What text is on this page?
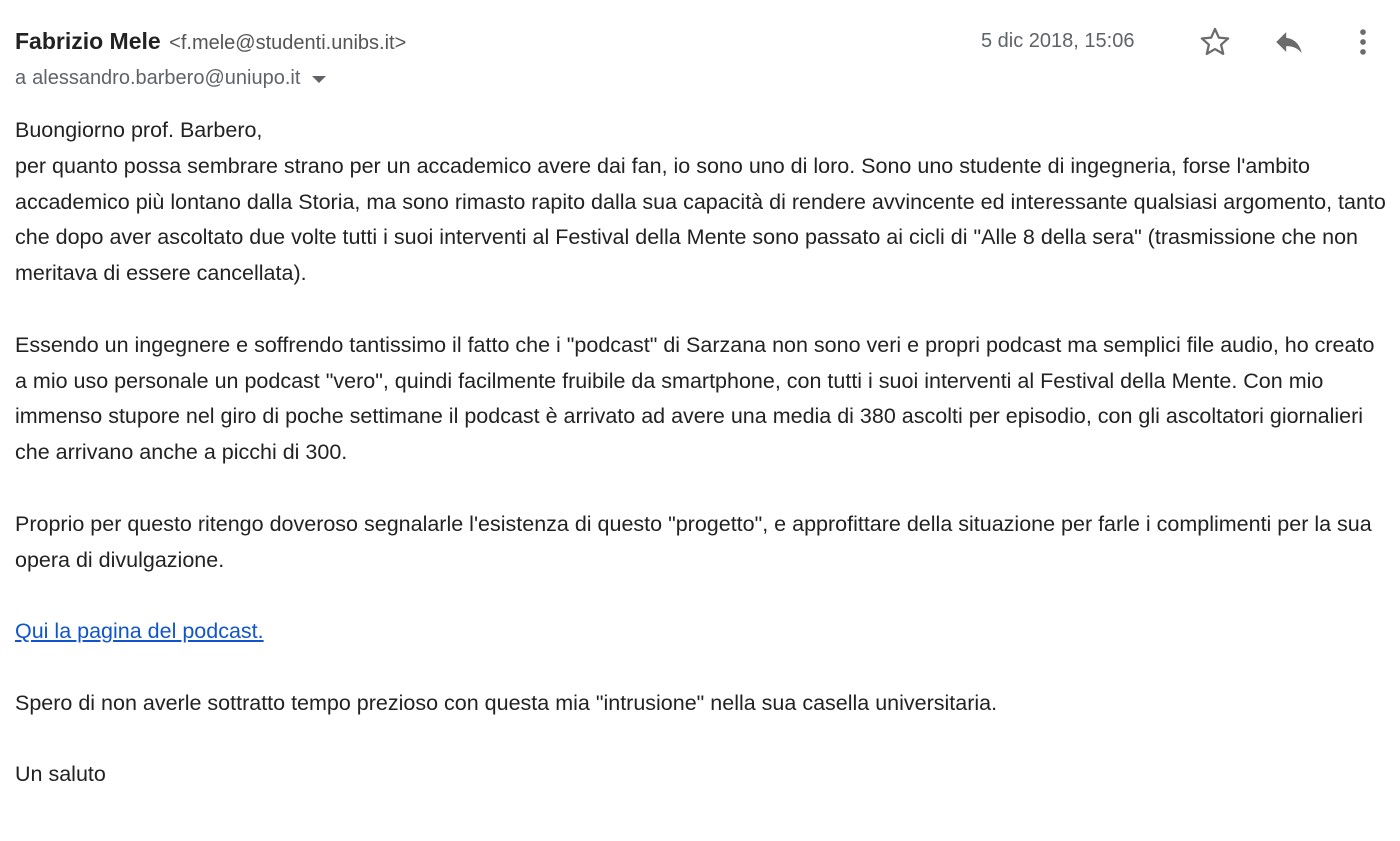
Fabrizio Mele <f.mele@studenti.unibs.it>
a alessandro.barbero@uniupo.it
5 dic 2018, 15:06

Buongiorno prof. Barbero,

per quanto possa sembrare strano per un accademico avere dai fan, io sono uno di loro. Sono uno studente di ingegneria, forse l'ambito accademico più lontano dalla Storia, ma sono rimasto rapito dalla sua capacità di rendere avvincente ed interessante qualsiasi argomento, tanto che dopo aver ascoltato due volte tutti i suoi interventi al Festival della Mente sono passato ai cicli di "Alle 8 della sera" (trasmissione che non meritava di essere cancellata).

Essendo un ingegnere e soffrendo tantissimo il fatto che i "podcast" di Sarzana non sono veri e propri podcast ma semplici file audio, ho creato a mio uso personale un podcast "vero", quindi facilmente fruibile da smartphone, con tutti i suoi interventi al Festival della Mente. Con mio immenso stupore nel giro di poche settimane il podcast è arrivato ad avere una media di 380 ascolti per episodio, con gli ascoltatori giornalieri che arrivano anche a picchi di 300.

Proprio per questo ritengo doveroso segnalarle l'esistenza di questo "progetto", e approfittare della situazione per farle i complimenti per la sua opera di divulgazione.

Qui la pagina del podcast.

Spero di non averle sottratto tempo prezioso con questa mia "intrusione" nella sua casella universitaria.

Un saluto
